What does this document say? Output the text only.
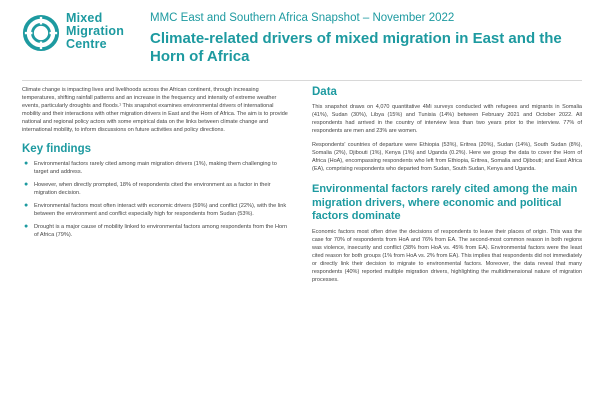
Mixed
Migration
Centre
MMC East and Southern Africa Snapshot – November 2022
Climate-related drivers of mixed migration in East and the Horn of Africa

Climate change is impacting lives and livelihoods across the African continent, through increasing temperatures, shifting rainfall patterns and an increase in the frequency and intensity of extreme weather events, particularly droughts and floods.¹ This snapshot examines environmental drivers of international mobility and their interactions with other migration drivers in East and the Horn of Africa. The aim is to provide national and regional policy actors with some empirical data on the links between climate change and international mobility, to inform discussions on future activities and policy directions.

Key findings
● Environmental factors rarely cited among main migration drivers (1%), making them challenging to target and address.
● However, when directly prompted, 18% of respondents cited the environment as a factor in their migration decision.
● Environmental factors most often interact with economic drivers (59%) and conflict (22%), with the link between the environment and conflict especially high for respondents from Sudan (53%).
● Drought is a major cause of mobility linked to environmental factors among respondents from the Horn of Africa (79%).
Data

This snapshot draws on 4,070 quantitative 4Mi surveys conducted with refugees and migrants in Somalia (41%), Sudan (30%), Libya (15%) and Tunisia (14%) between February 2021 and October 2022. All respondents had arrived in the country of interview less than two years prior to the interview. 77% of respondents are men and 23% are women.

Respondents' countries of departure were Ethiopia (53%), Eritrea (20%), Sudan (14%), South Sudan (8%), Somalia (2%), Djibouti (1%), Kenya (1%) and Uganda (0.2%). Here we group the data to cover the Horn of Africa (HoA), encompassing respondents who left from Ethiopia, Eritrea, Somalia and Djibouti; and East Africa (EA), comprising respondents who departed from Sudan, South Sudan, Kenya and Uganda.

Environmental factors rarely cited among the main migration drivers, where economic and political factors dominate

Economic factors most often drive the decisions of respondents to leave their places of origin. This was the case for 70% of respondents from HoA and 76% from EA. The second-most common reason in both regions was violence, insecurity and conflict (38% from HoA vs. 45% from EA). Environmental factors were the least cited reason for both groups (1% from HoA vs. 2% from EA). This implies that respondents did not immediately or directly link their decision to migrate to environmental factors. Moreover, the data reveal that many respondents (40%) reported multiple migration drivers, highlighting the multidimensional nature of migration processes.
